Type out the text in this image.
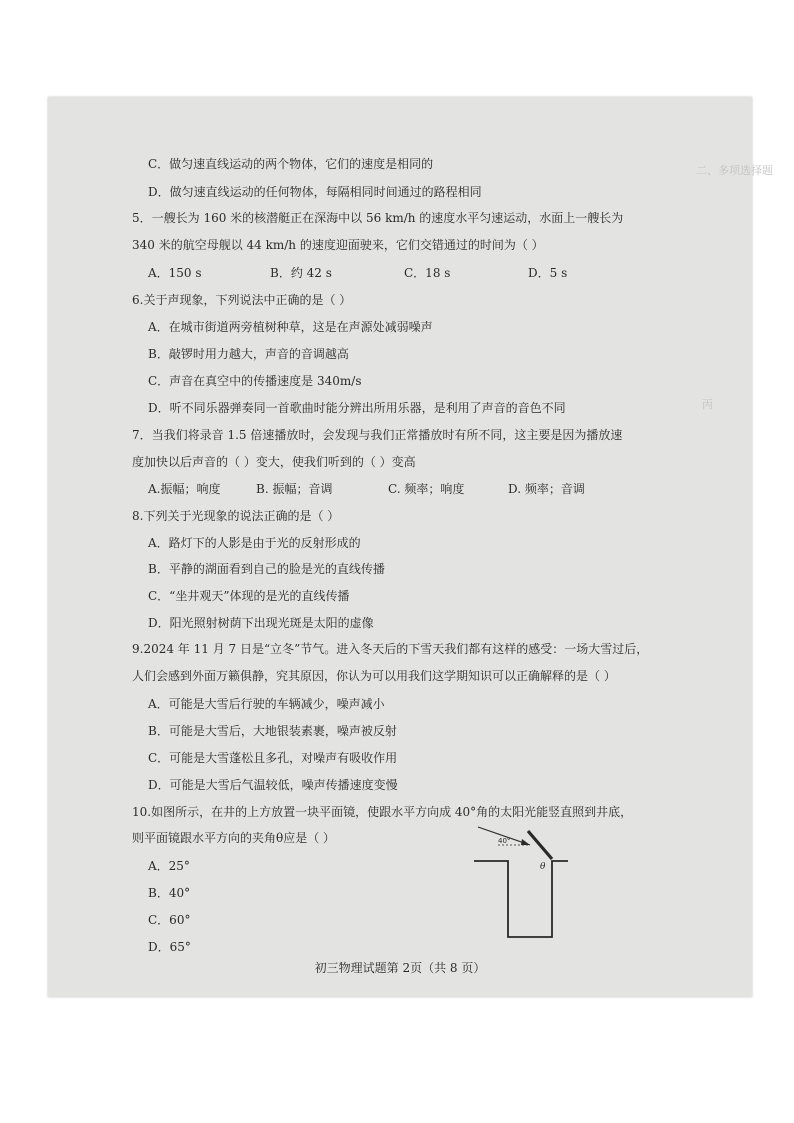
二、多项选择题
丙
C．做匀速直线运动的两个物体，它们的速度是相同的
D．做匀速直线运动的任何物体，每隔相同时间通过的路程相同
5．一艘长为 160 米的核潜艇正在深海中以 56 km/h 的速度水平匀速运动，水面上一艘长为
340 米的航空母舰以 44 km/h 的速度迎面驶来，它们交错通过的时间为（ ）
A．150 s	B．约 42 s	C．18 s	D．5 s
6.关于声现象，下列说法中正确的是（ ）
A．在城市街道两旁植树种草，这是在声源处减弱噪声
B．敲锣时用力越大，声音的音调越高
C．声音在真空中的传播速度是 340m/s
D．听不同乐器弹奏同一首歌曲时能分辨出所用乐器，是利用了声音的音色不同
7．当我们将录音 1.5 倍速播放时，会发现与我们正常播放时有所不同，这主要是因为播放速
度加快以后声音的（ ）变大，使我们听到的（ ）变高
A.振幅；响度	B. 振幅；音调	C. 频率；响度	D. 频率；音调
8.下列关于光现象的说法正确的是（ ）
A．路灯下的人影是由于光的反射形成的
B．平静的湖面看到自己的脸是光的直线传播
C．“坐井观天”体现的是光的直线传播
D．阳光照射树荫下出现光斑是太阳的虚像
9.2024 年 11 月 7 日是“立冬”节气。进入冬天后的下雪天我们都有这样的感受：一场大雪过后，
人们会感到外面万籁俱静，究其原因，你认为可以用我们这学期知识可以正确解释的是（ ）
A．可能是大雪后行驶的车辆减少，噪声减小
B．可能是大雪后，大地银装素裹，噪声被反射
C．可能是大雪蓬松且多孔，对噪声有吸收作用
D．可能是大雪后气温较低，噪声传播速度变慢
10.如图所示，在井的上方放置一块平面镜，使跟水平方向成 40°角的太阳光能竖直照到井底，
则平面镜跟水平方向的夹角θ应是（ ）
A．25°
B．40°
C．60°
D．65°
40°
θ
初三物理试题第 2页（共 8 页）
